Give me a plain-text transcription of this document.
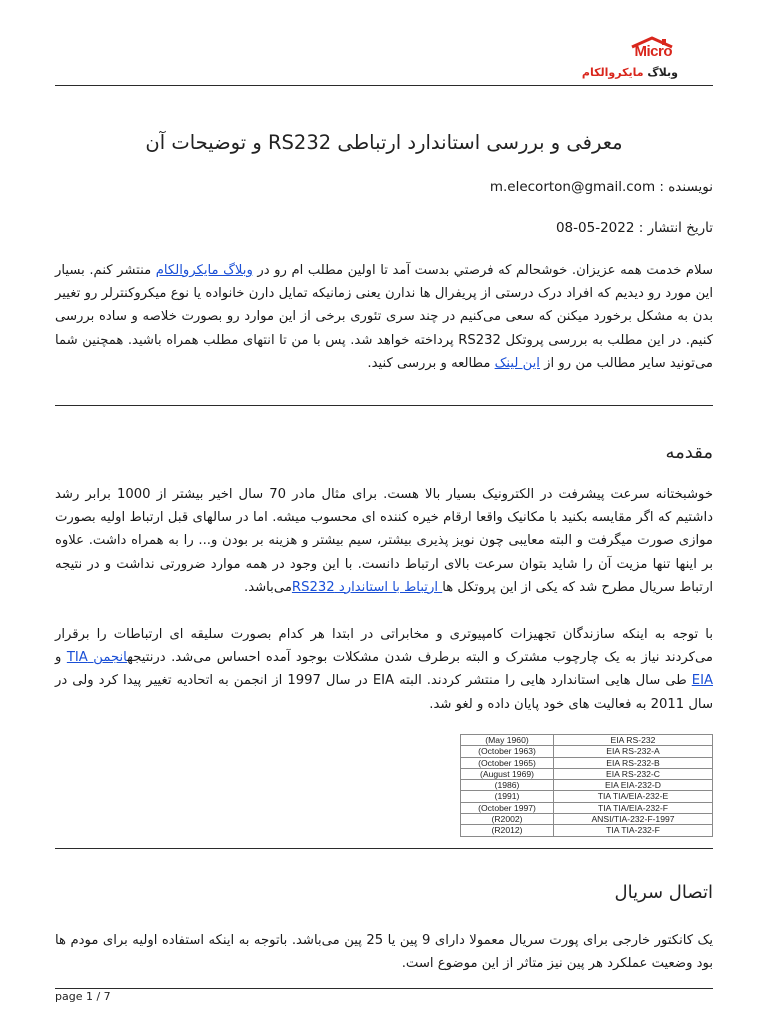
Micro
وبلاگ مایکروالکام
معرفی و بررسی استاندارد ارتباطی RS232 و توضیحات آن

نویسنده : m.elecorton@gmail.com

تاریخ انتشار : 2022-05-08

سلام خدمت همه عزیزان. خوشحالم که فرصتي بدست آمد تا اولین مطلب ام رو در وبلاگ مایکروالکام منتشر کنم. بسیار این مورد رو دیدیم که افراد درک درستی از پریفرال ها ندارن یعنی زمانیکه تمایل دارن خانواده یا نوع میکروکنترلر رو تغییر بدن به مشکل برخورد میکنن که سعی می‌کنیم در چند سری تئوری برخی از این موارد رو بصورت خلاصه و ساده بررسی کنیم. در این مطلب به بررسی پروتکل RS232 پرداخته خواهد شد. پس با من تا انتهای مطلب همراه باشید. همچنین شما می‌تونید سایر مطالب من رو از این لینک مطالعه و بررسی کنید.

مقدمه

خوشبختانه سرعت پیشرفت در الکترونیک بسیار بالا هست. برای مثال مادر 70 سال اخیر بیشتر از 1000 برابر رشد داشتیم که اگر مقایسه بکنید با مکانیک واقعا ارقام خیره کننده ای محسوب میشه. اما در سالهای قبل ارتباط اولیه بصورت موازی صورت میگرفت و البته معایبی چون نویز پذیری بیشتر، سیم بیشتر و هزینه بر بودن و... را به همراه داشت. علاوه بر اینها تنها مزیت آن را شاید بتوان سرعت بالای ارتباط دانست. با این وجود در همه موارد ضرورتی نداشت و در نتیجه ارتباط سریال مطرح شد که یکی از این پروتکل ها ارتباط با استاندارد RS232می‌باشد.

با توجه به اینکه سازندگان تجهیزات کامپیوتری و مخابراتی در ابتدا هر کدام بصورت سلیقه ای ارتباطات را برقرار می‌کردند نیاز به یک چارچوب مشترک و البته برطرف شدن مشکلات بوجود آمده احساس می‌شد. درنتیجهانجمن TIA و EIA طی سال هایی استاندارد هایی را منتشر کردند. البته EIA در سال 1997 از انجمن به اتحادیه تغییر پیدا کرد ولی در سال 2011 به فعالیت های خود پایان داده و لغو شد.

(May 1960)	EIA RS-232
(October 1963)	EIA RS-232-A
(October 1965)	EIA RS-232-B
(August 1969)	EIA RS-232-C
(1986)	EIA EIA-232-D
(1991)	TIA TIA/EIA-232-E
(October 1997)	TIA TIA/EIA-232-F
(R2002)	ANSI/TIA-232-F-1997
(R2012)	TIA TIA-232-F
اتصال سریال

یک کانکتور خارجی برای پورت سریال معمولا دارای 9 پین یا 25 پین می‌باشد. باتوجه به اینکه استفاده اولیه برای مودم ها بود وضعیت عملکرد هر پین نیز متاثر از این موضوع است.

page 1 / 7
